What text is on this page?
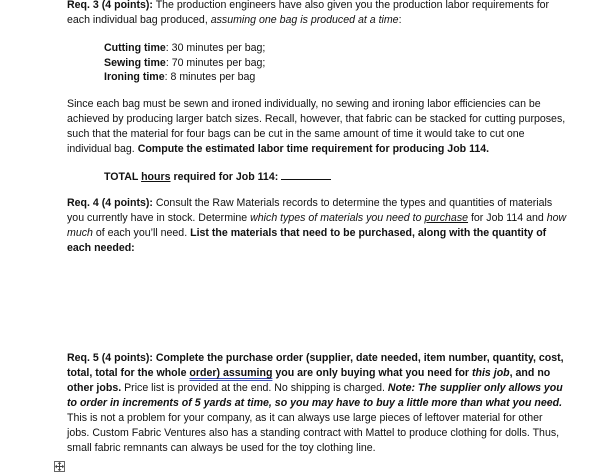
Req. 3 (4 points): The production engineers have also given you the production labor requirements for each individual bag produced, assuming one bag is produced at a time:

Cutting time: 30 minutes per bag;
Sewing time: 70 minutes per bag;
Ironing time: 8 minutes per bag

Since each bag must be sewn and ironed individually, no sewing and ironing labor efficiencies can be achieved by producing larger batch sizes. Recall, however, that fabric can be stacked for cutting purposes, such that the material for four bags can be cut in the same amount of time it would take to cut one individual bag. Compute the estimated labor time requirement for producing Job 114.

TOTAL hours required for Job 114:

Req. 4 (4 points): Consult the Raw Materials records to determine the types and quantities of materials you currently have in stock. Determine which types of materials you need to purchase for Job 114 and how much of each you’ll need. List the materials that need to be purchased, along with the quantity of each needed:

Req. 5 (4 points): Complete the purchase order (supplier, date needed, item number, quantity, cost, total, total for the whole order) assuming you are only buying what you need for this job, and no other jobs. Price list is provided at the end. No shipping is charged. Note: The supplier only allows you to order in increments of 5 yards at time, so you may have to buy a little more than what you need. This is not a problem for your company, as it can always use large pieces of leftover material for other jobs. Custom Fabric Ventures also has a standing contract with Mattel to produce clothing for dolls. Thus, small fabric remnants can always be used for the toy clothing line.
